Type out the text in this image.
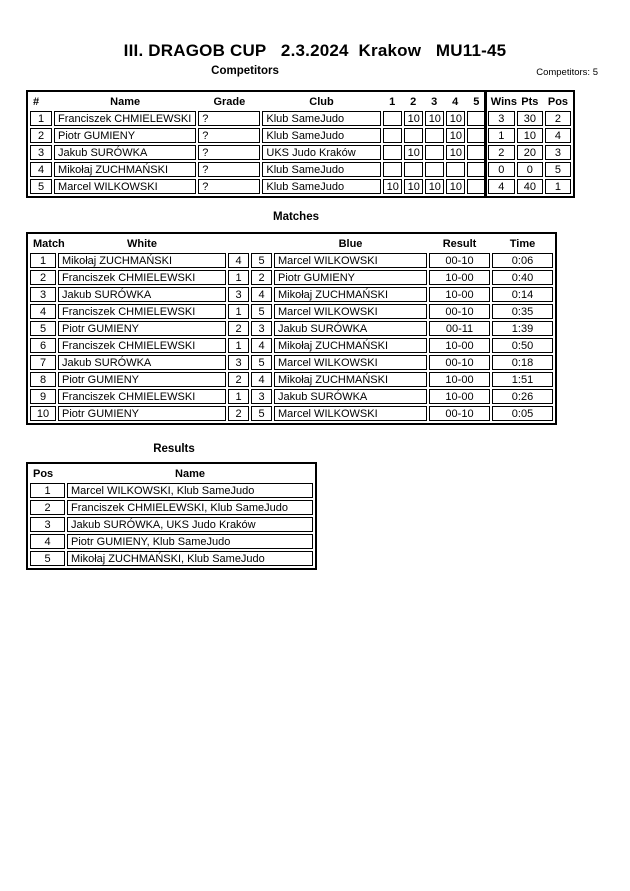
III. DRAGOB CUP   2.3.2024  Krakow   MU11-45
Competitors	Competitors: 5
#	Name	Grade	Club	1	2	3	4	5	Wins	Pts	Pos
1	Franciszek CHMIELEWSKI	?	Klub SameJudo		10	10	10		3	30	2
2	Piotr GUMIENY	?	Klub SameJudo				10		1	10	4
3	Jakub SURÓWKA	?	UKS Judo Kraków		10		10		2	20	3
4	Mikołaj ZUCHMAŃSKI	?	Klub SameJudo						0	0	5
5	Marcel WILKOWSKI	?	Klub SameJudo	10	10	10	10		4	40	1
Matches
Match	White			Blue	Result	Time
1	Mikołaj ZUCHMAŃSKI	4	5	Marcel WILKOWSKI	00-10	0:06
2	Franciszek CHMIELEWSKI	1	2	Piotr GUMIENY	10-00	0:40
3	Jakub SURÓWKA	3	4	Mikołaj ZUCHMAŃSKI	10-00	0:14
4	Franciszek CHMIELEWSKI	1	5	Marcel WILKOWSKI	00-10	0:35
5	Piotr GUMIENY	2	3	Jakub SURÓWKA	00-11	1:39
6	Franciszek CHMIELEWSKI	1	4	Mikołaj ZUCHMAŃSKI	10-00	0:50
7	Jakub SURÓWKA	3	5	Marcel WILKOWSKI	00-10	0:18
8	Piotr GUMIENY	2	4	Mikołaj ZUCHMAŃSKI	10-00	1:51
9	Franciszek CHMIELEWSKI	1	3	Jakub SURÓWKA	10-00	0:26
10	Piotr GUMIENY	2	5	Marcel WILKOWSKI	00-10	0:05
Results
Pos	Name
1	Marcel WILKOWSKI, Klub SameJudo
2	Franciszek CHMIELEWSKI, Klub SameJudo
3	Jakub SURÓWKA, UKS Judo Kraków
4	Piotr GUMIENY, Klub SameJudo
5	Mikołaj ZUCHMAŃSKI, Klub SameJudo
